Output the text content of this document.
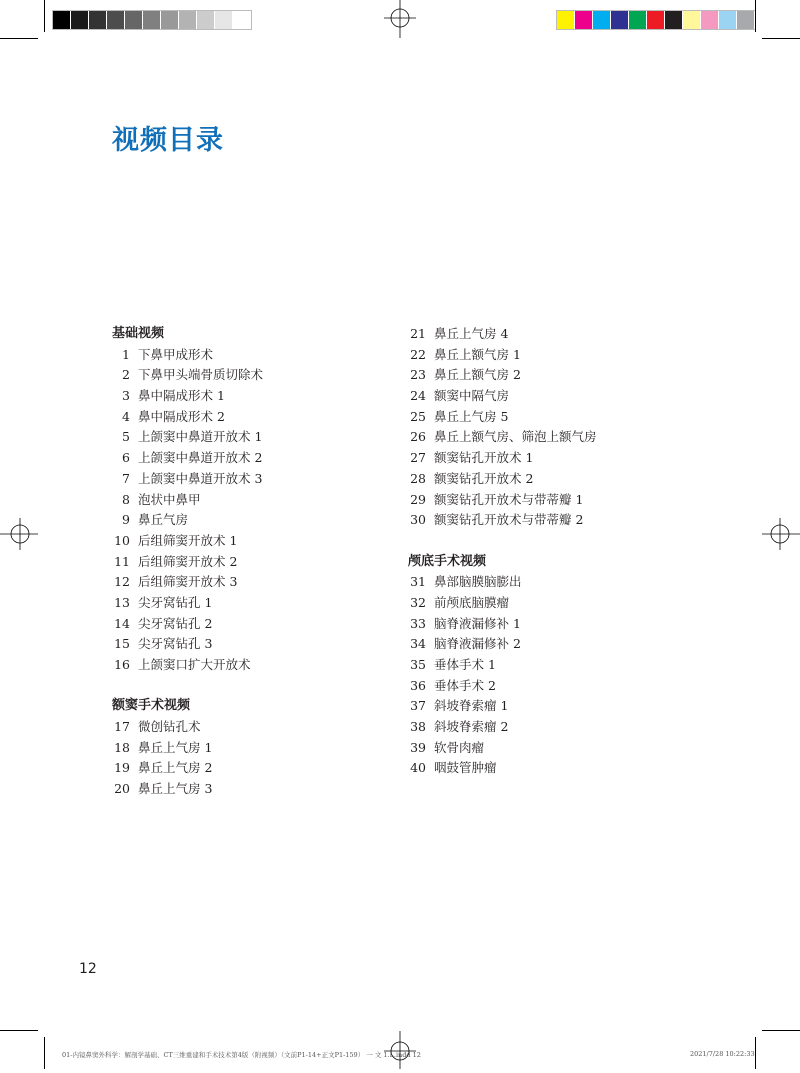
视频目录
基础视频
1 下鼻甲成形术
2 下鼻甲头端骨质切除术
3 鼻中隔成形术 1
4 鼻中隔成形术 2
5 上颌窦中鼻道开放术 1
6 上颌窦中鼻道开放术 2
7 上颌窦中鼻道开放术 3
8 泡状中鼻甲
9 鼻丘气房
10 后组筛窦开放术 1
11 后组筛窦开放术 2
12 后组筛窦开放术 3
13 尖牙窝钻孔 1
14 尖牙窝钻孔 2
15 尖牙窝钻孔 3
16 上颌窦口扩大开放术
额窦手术视频
17 微创钻孔术
18 鼻丘上气房 1
19 鼻丘上气房 2
20 鼻丘上气房 3
21 鼻丘上气房 4
22 鼻丘上额气房 1
23 鼻丘上额气房 2
24 额窦中隔气房
25 鼻丘上气房 5
26 鼻丘上额气房、筛泡上额气房
27 额窦钻孔开放术 1
28 额窦钻孔开放术 2
29 额窦钻孔开放术与带蒂瓣 1
30 额窦钻孔开放术与带蒂瓣 2
颅底手术视频
31 鼻部脑膜脑膨出
32 前颅底脑膜瘤
33 脑脊液漏修补 1
34 脑脊液漏修补 2
35 垂体手术 1
36 垂体手术 2
37 斜坡脊索瘤 1
38 斜坡脊索瘤 2
39 软骨肉瘤
40 咽鼓管肿瘤
12
01-内镜鼻窦外科学：解剖学基础、CT三维重建和手术技术第4版（附视频）（文前P1-14+正文P1-159） 一 文 1.L.indd 12	2021/7/28 10:22:33
